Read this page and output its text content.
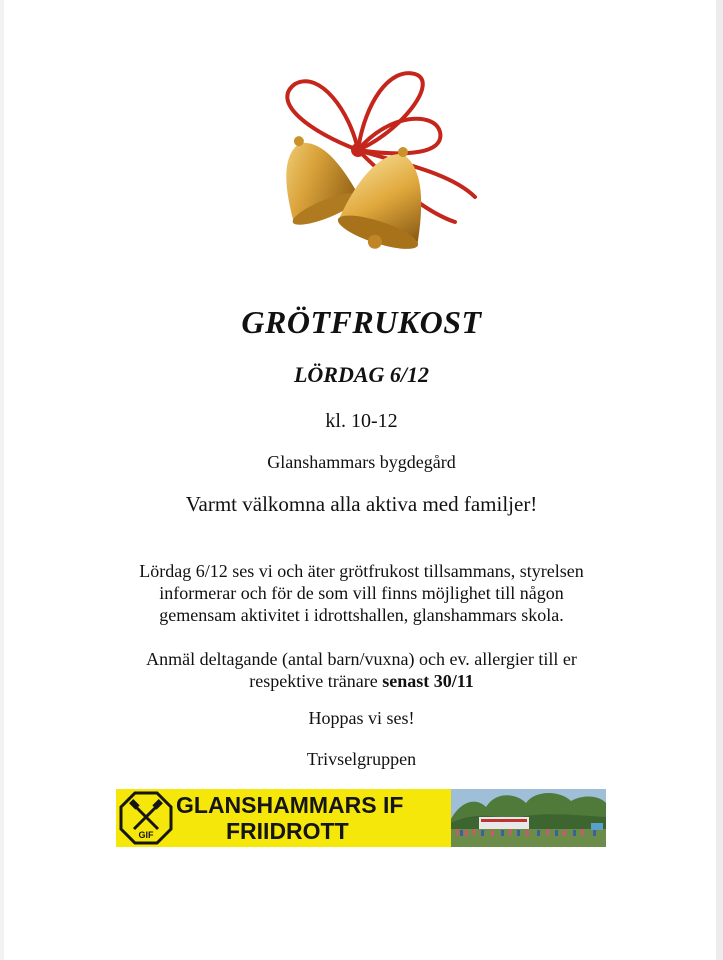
GRÖTFRUKOST
LÖRDAG 6/12
kl. 10-12
Glanshammars bygdegård
Varmt välkomna alla aktiva med familjer!
Lördag 6/12 ses vi och äter grötfrukost tillsammans, styrelsen
informerar och för de som vill finns möjlighet till någon
gemensam aktivitet i idrottshallen, glanshammars skola.
Anmäl deltagande (antal barn/vuxna) och ev. allergier till er
respektive tränare senast 30/11
Hoppas vi ses!
Trivselgruppen
GIF
GLANSHAMMARS IF
FRIIDROTT
